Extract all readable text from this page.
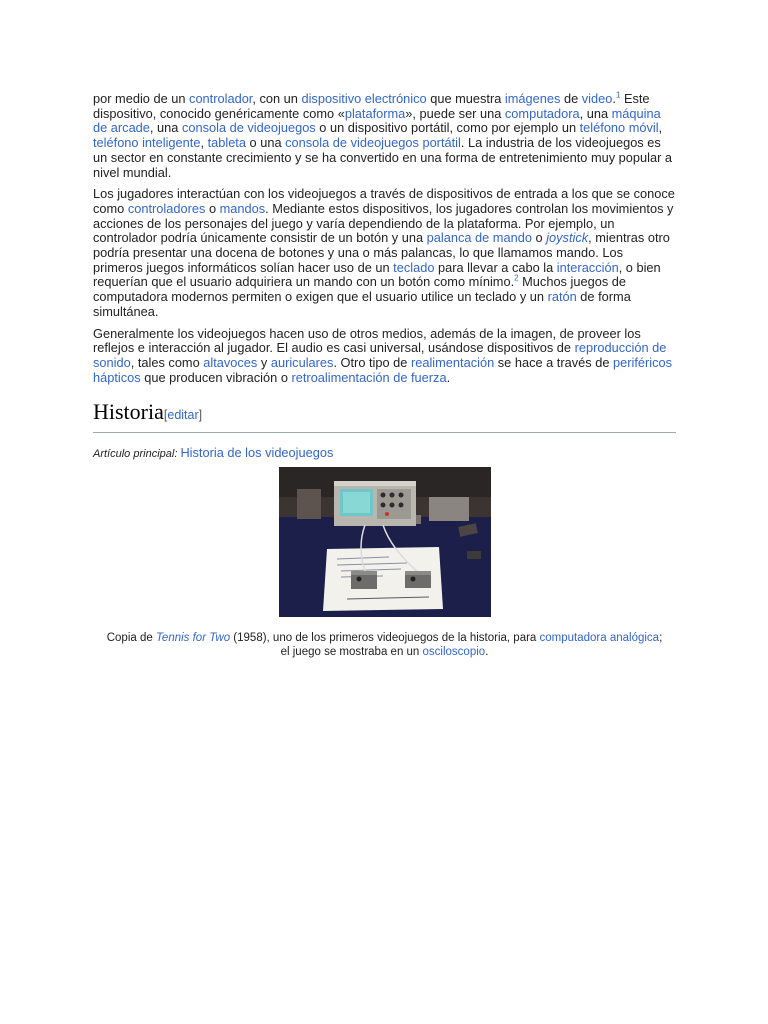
por medio de un controlador, con un dispositivo electrónico que muestra imágenes de video.$^1$ Este dispositivo, conocido genéricamente como «plataforma», puede ser una computadora, una máquina de arcade, una consola de videojuegos o un dispositivo portátil, como por ejemplo un teléfono móvil, teléfono inteligente, tableta o una consola de videojuegos portátil. La industria de los videojuegos es un sector en constante crecimiento y se ha convertido en una forma de entretenimiento muy popular a nivel mundial.

Los jugadores interactúan con los videojuegos a través de dispositivos de entrada a los que se conoce como controladores o mandos. Mediante estos dispositivos, los jugadores controlan los movimientos y acciones de los personajes del juego y varía dependiendo de la plataforma. Por ejemplo, un controlador podría únicamente consistir de un botón y una palanca de mando o joystick, mientras otro podría presentar una docena de botones y una o más palancas, lo que llamamos mando. Los primeros juegos informáticos solían hacer uso de un teclado para llevar a cabo la interacción, o bien requerían que el usuario adquiriera un mando con un botón como mínimo.$^2$ Muchos juegos de computadora modernos permiten o exigen que el usuario utilice un teclado y un ratón de forma simultánea.

Generalmente los videojuegos hacen uso de otros medios, además de la imagen, de proveer los reflejos e interacción al jugador. El audio es casi universal, usándose dispositivos de reproducción de sonido, tales como altavoces y auriculares. Otro tipo de realimentación se hace a través de periféricos hápticos que producen vibración o retroalimentación de fuerza.

Historia[editar]
Artículo principal: Historia de los videojuegos
Copia de Tennis for Two (1958), uno de los primeros videojuegos de la historia, para computadora analógica; el juego se mostraba en un osciloscopio.
